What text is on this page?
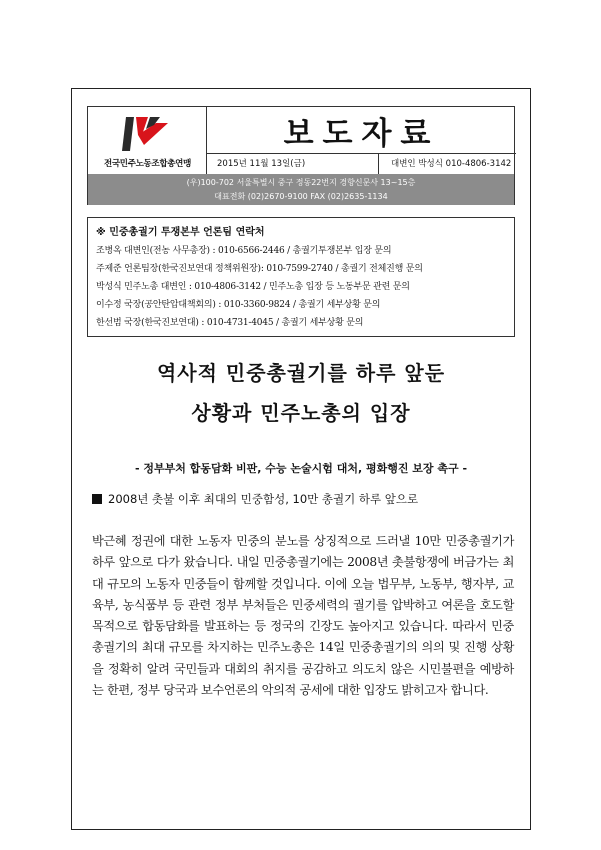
전국민주노동조합총연맹
보도자료
2015년 11월 13일(금)	대변인 박성식 010-4806-3142
(우)100-702 서울특별시 중구 정동22번지 경향신문사 13~15층
대표전화 (02)2670-9100 FAX (02)2635-1134
※ 민중총궐기 투쟁본부 언론팀 연락처
조병옥 대변인(전농 사무총장) : 010-6566-2446 / 총궐기투쟁본부 입장 문의
주제준 언론팀장(한국진보연대 정책위원장): 010-7599-2740 / 총궐기 전체진행 문의
박성식 민주노총 대변인 : 010-4806-3142 / 민주노총 입장 등 노동부문 관련 문의
이수정 국장(공안탄압대책회의) : 010-3360-9824 / 총궐기 세부상황 문의
한선범 국장(한국진보연대) : 010-4731-4045 / 총궐기 세부상황 문의
역사적 민중총궐기를 하루 앞둔
상황과 민주노총의 입장
- 정부부처 합동담화 비판, 수능 논술시험 대처, 평화행진 보장 촉구 -
2008년 촛불 이후 최대의 민중함성, 10만 총궐기 하루 앞으로
박근혜 정권에 대한 노동자 민중의 분노를 상징적으로 드러낼 10만 민중총궐기가 하루 앞으로 다가 왔습니다. 내일 민중총궐기에는 2008년 촛불항쟁에 버금가는 최대 규모의 노동자 민중들이 함께할 것입니다. 이에 오늘 법무부, 노동부, 행자부, 교육부, 농식품부 등 관련 정부 부처들은 민중세력의 궐기를 압박하고 여론을 호도할 목적으로 합동담화를 발표하는 등 정국의 긴장도 높아지고 있습니다. 따라서 민중총궐기의 최대 규모를 차지하는 민주노총은 14일 민중총궐기의 의의 및 진행 상황을 정확히 알려 국민들과 대회의 취지를 공감하고 의도치 않은 시민불편을 예방하는 한편, 정부 당국과 보수언론의 악의적 공세에 대한 입장도 밝히고자 합니다.
